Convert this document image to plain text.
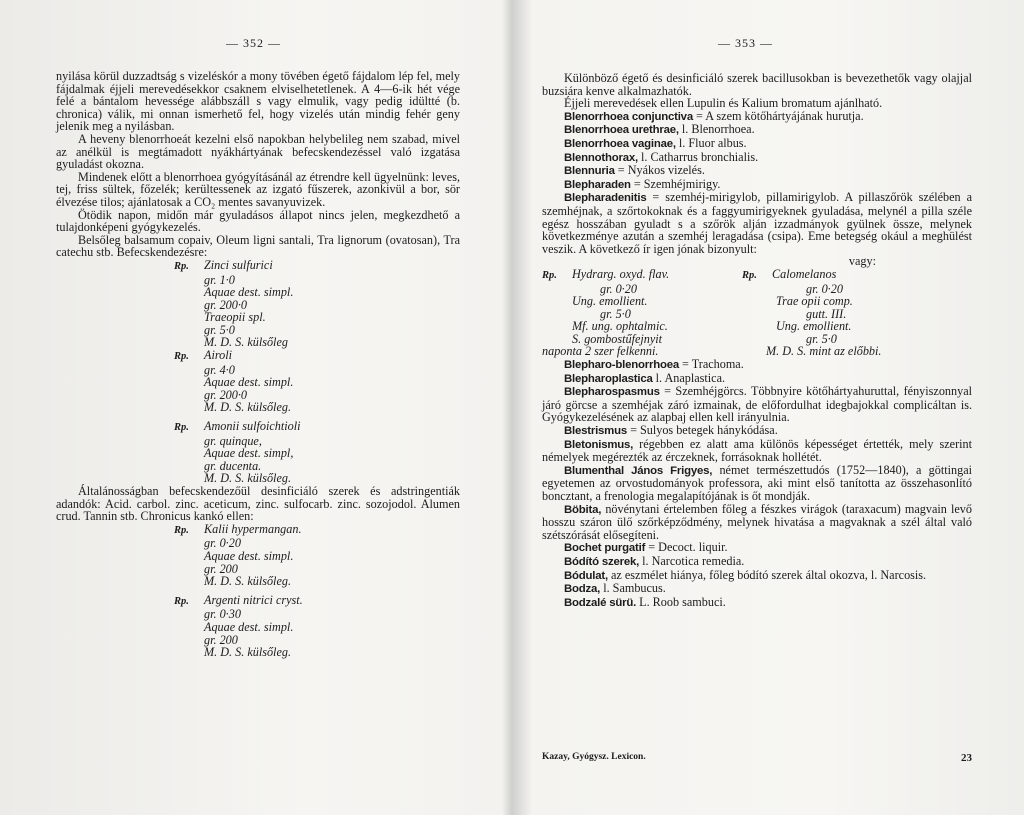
— 352 —

nyilása körül duzzadtság s vizeléskór a mony tövében égető fájdalom lép fel, mely fájdalmak éjjeli merevedésekkor csaknem elviselhetetlenek. A 4—6-ik hét vége felé a bántalom hevessége alábbszáll s vagy elmulik, vagy pedig idültté (b. chronica) válik, mi onnan ismerhető fel, hogy vizelés után mindig fehér geny jelenik meg a nyilásban.

A heveny blenorrhoeát kezelni első napokban helybelileg nem szabad, mivel az anélkül is megtámadott nyákhártyának befecskendezéssel való izgatása gyuladást okozna.

Mindenek előtt a blenorrhoea gyógyításánál az étrendre kell ügyelnünk: leves, tej, friss sültek, főzelék; kerültessenek az izgató fűszerek, azonkivül a bor, sör élvezése tilos; ajánlatosak a CO₂ mentes savanyuvizek.

Ötödik napon, midőn már gyuladásos állapot nincs jelen, megkezdhető a tulajdonképeni gyógykezelés.

Belsőleg balsamum copaiv, Oleum ligni santali, Tra lignorum (ovatosan), Tra catechu stb. Befecskendezésre:

Rp. Zinci sulfurici

gr. 1·0

Aquae dest. simpl.

gr. 200·0

Traeopii spl.

gr. 5·0

M. D. S. külsőleg

Rp. Airoli

gr. 4·0

Aquae dest. simpl.

gr. 200·0

M. D. S. külsőleg.

Rp. Amonii sulfoichtioli

gr. quinque,

Aquae dest. simpl,

gr. ducenta.

M. D. S. külsőleg.

Általánosságban befecskendezőül desinficiáló szerek és adstringentiák adandók: Acid. carbol. zinc. aceticum, zinc. sulfocarb. zinc. sozojodol. Alumen crud. Tannin stb. Chronicus kankó ellen:

Rp. Kalii hypermangan.

gr. 0·20

Aquae dest. simpl.

gr. 200

M. D. S. külsőleg.

Rp. Argenti nitrici cryst.

gr. 0·30

Aquae dest. simpl.

gr. 200

M. D. S. külsőleg.

— 353 —

Különböző égető és desinficiáló szerek bacillusokban is bevezethetők vagy olajjal buzsiára kenve alkalmazhatók.

Éjjeli merevedések ellen Lupulin és Kalium bromatum ajánlható.

Blenorrhoea conjunctiva = A szem kötőhártyájának hurutja.

Blenorrhoea urethrae, l. Blenorrhoea.

Blenorrhoea vaginae, l. Fluor albus.

Blennothorax, l. Catharrus bronchialis.

Blennuria = Nyákos vizelés.

Blepharaden = Szemhéjmirigy.

Blepharadenitis = szemhéj-mirigylob, pillamirigylob. A pillaszőrök szélében a szemhéjnak, a szőrtokoknak és a faggyumirigyeknek gyuladása, melynél a pilla széle egész hosszában gyuladt s a szőrök alján izzadmányok gyülnek össze, melynek következménye azután a szemhéj leragadása (csipa). Eme betegség okául a meghülést veszik. A következő ír igen jónak bizonyult:

vagy:

Rp. Hydrarg. oxyd. flav.

gr. 0·20

Ung. emollient.

gr. 5·0

Mf. ung. ophtalmic.

S. gombostűfejnyit

naponta 2 szer felkenni.

Rp. Calomelanos

gr. 0·20

Trae opii comp.

gutt. III.

Ung. emollient.

gr. 5·0

M. D. S. mint az előbbi.

Blepharo-blenorrhoea = Trachoma.

Blepharoplastica l. Anaplastica.

Blepharospasmus = Szemhéjgörcs. Többnyire kötőhártyahuruttal, fényiszonnyal járó görcse a szemhéjak záró izmainak, de előfordulhat idegbajokkal complicáltan is. Gyógykezelésének az alapbaj ellen kell irányulnia.

Blestrismus = Sulyos betegek hánykódása.

Bletonismus, régebben ez alatt ama különös képességet értették, mely szerint némelyek megérezték az érczeknek, forrásoknak hollétét.

Blumenthal János Frigyes, német természettudós (1752—1840), a göttingai egyetemen az orvostudományok professora, aki mint első tanította az összehasonlító boncztant, a frenologia megalapítójának is őt mondják.

Böbita, növénytani értelemben főleg a fészkes virágok (taraxacum) magvain levő hosszu száron ülő szőrképződmény, melynek hivatása a magvaknak a szél által való szétszórását elősegíteni.

Bochet purgatif = Decoct. liquir.

Bódító szerek, l. Narcotica remedia.

Bódulat, az eszmélet hiánya, főleg bódító szerek által okozva, l. Narcosis.

Bodza, l. Sambucus.

Bodzalé sürü. L. Roob sambuci.

Kazay, Gyógysz. Lexicon.	23
